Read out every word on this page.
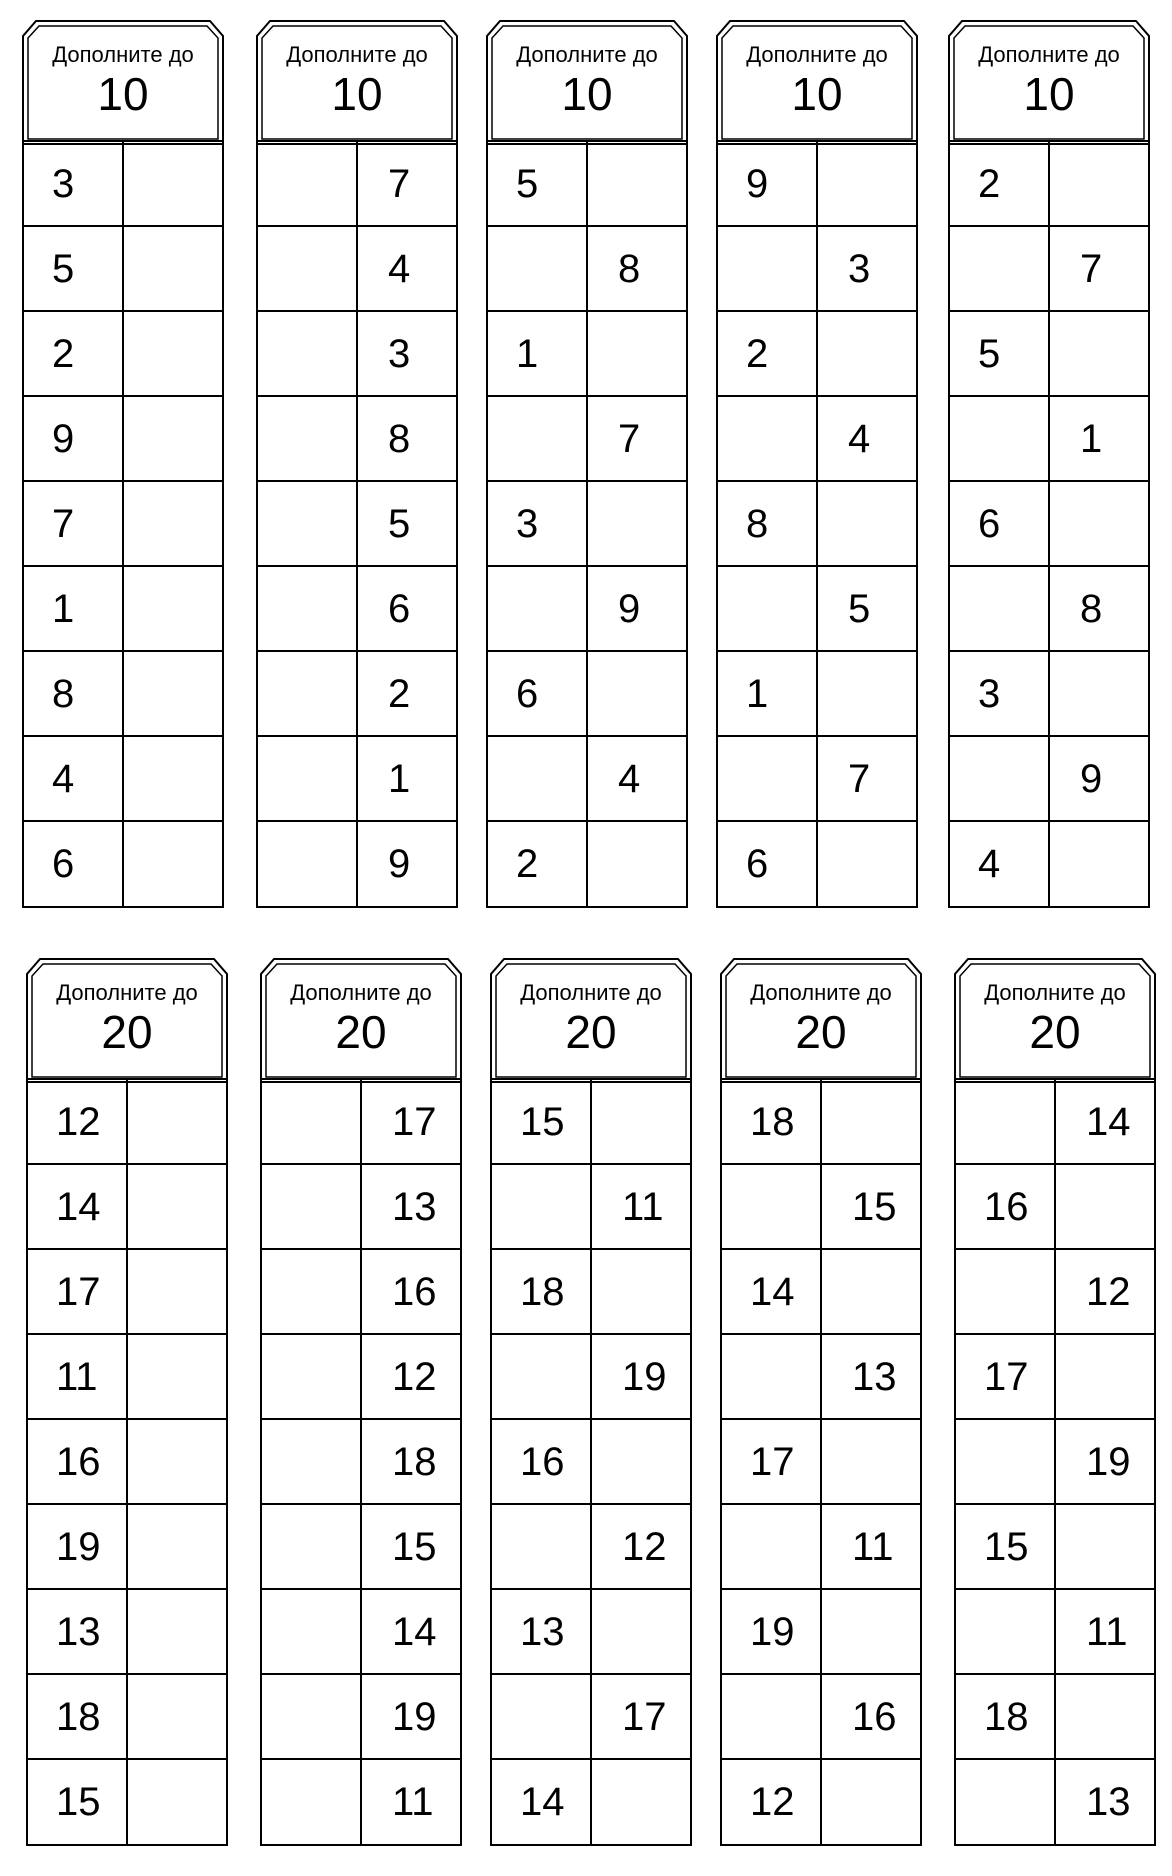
Дополните до
10
3
5
2
9
7
1
8
4
6
Дополните до
10
7
4
3
8
5
6
2
1
9
Дополните до
10
5
8
1
7
3
9
6
4
2
Дополните до
10
9
3
2
4
8
5
1
7
6
Дополните до
10
2
7
5
1
6
8
3
9
4
Дополните до
20
12
14
17
11
16
19
13
18
15
Дополните до
20
17
13
16
12
18
15
14
19
11
Дополните до
20
15
11
18
19
16
12
13
17
14
Дополните до
20
18
15
14
13
17
11
19
16
12
Дополните до
20
14
16
12
17
19
15
11
18
13
